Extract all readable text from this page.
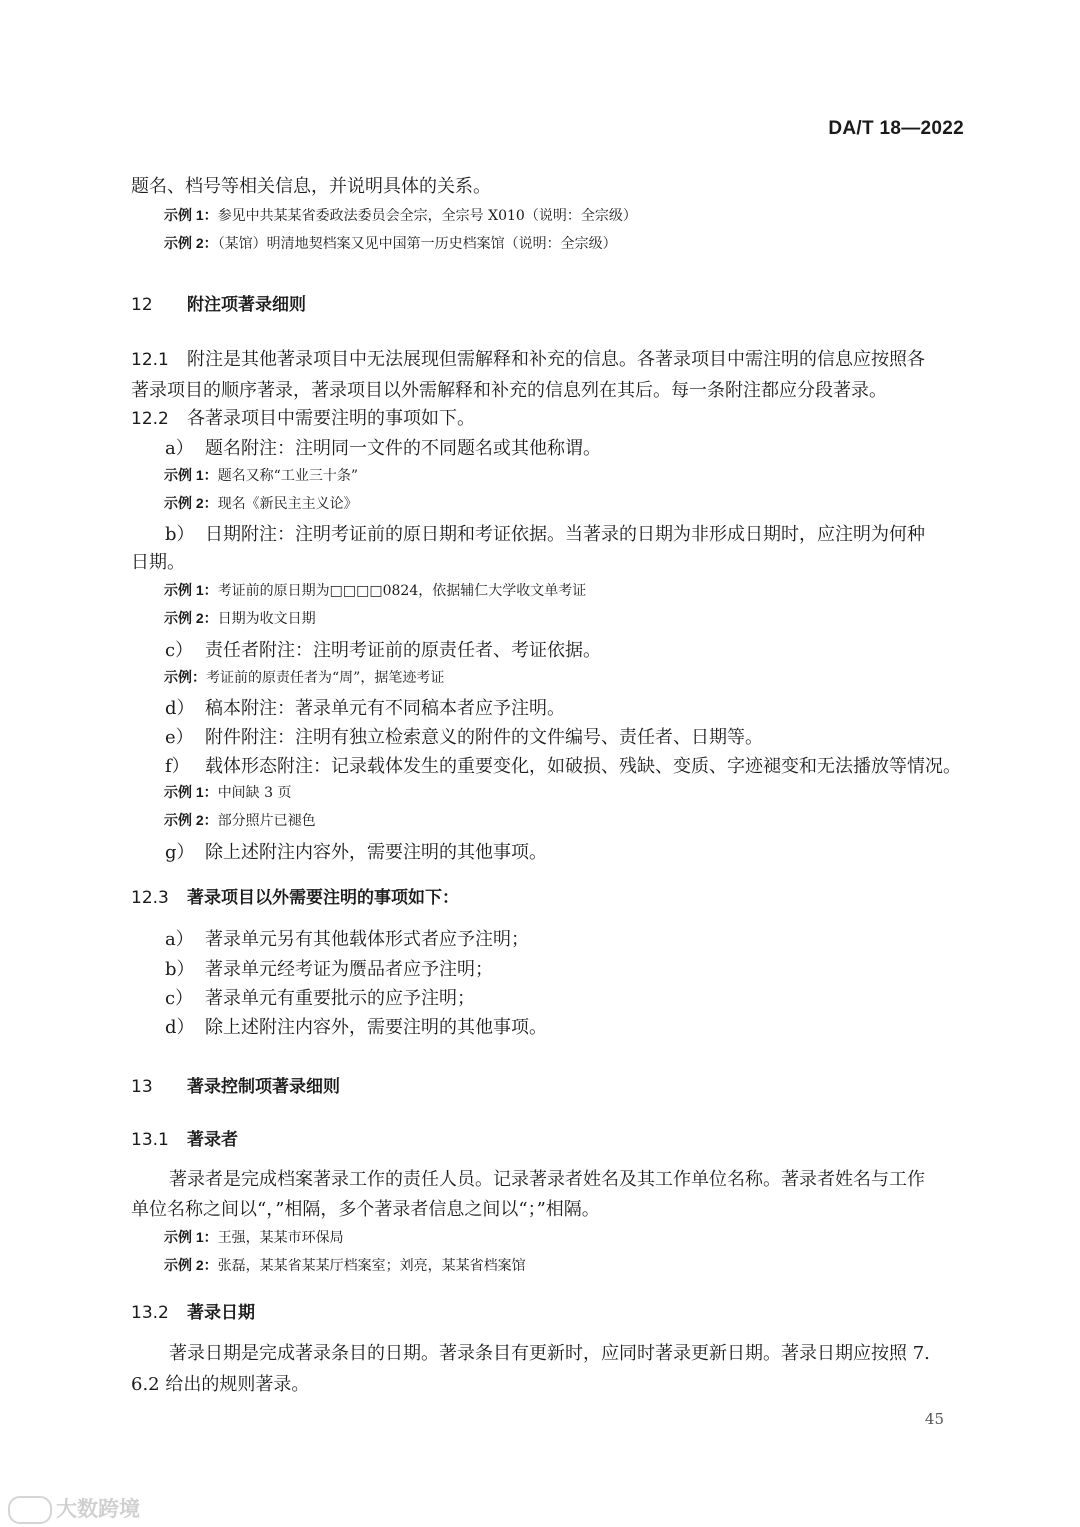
DA/T 18—2022
题名、档号等相关信息，并说明具体的关系。
示例 1：参见中共某某省委政法委员会全宗，全宗号 X010（说明：全宗级）
示例 2：（某馆）明清地契档案又见中国第一历史档案馆（说明：全宗级）
12 附注项著录细则
12.1 附注是其他著录项目中无法展现但需解释和补充的信息。各著录项目中需注明的信息应按照各
著录项目的顺序著录，著录项目以外需解释和补充的信息列在其后。每一条附注都应分段著录。
12.2 各著录项目中需要注明的事项如下。
a） 题名附注：注明同一文件的不同题名或其他称谓。
示例 1：题名又称“工业三十条”
示例 2：现名《新民主主义论》
b） 日期附注：注明考证前的原日期和考证依据。当著录的日期为非形成日期时，应注明为何种
日期。
示例 1：考证前的原日期为□□□□0824，依据辅仁大学收文单考证
示例 2：日期为收文日期
c） 责任者附注：注明考证前的原责任者、考证依据。
示例：考证前的原责任者为“周”，据笔迹考证
d） 稿本附注：著录单元有不同稿本者应予注明。
e） 附件附注：注明有独立检索意义的附件的文件编号、责任者、日期等。
f） 载体形态附注：记录载体发生的重要变化，如破损、残缺、变质、字迹褪变和无法播放等情况。
示例 1：中间缺 3 页
示例 2：部分照片已褪色
g） 除上述附注内容外，需要注明的其他事项。
12.3 著录项目以外需要注明的事项如下：
a） 著录单元另有其他载体形式者应予注明；
b） 著录单元经考证为赝品者应予注明；
c） 著录单元有重要批示的应予注明；
d） 除上述附注内容外，需要注明的其他事项。
13 著录控制项著录细则
13.1 著录者
著录者是完成档案著录工作的责任人员。记录著录者姓名及其工作单位名称。著录者姓名与工作
单位名称之间以“，”相隔，多个著录者信息之间以“；”相隔。
示例 1：王强，某某市环保局
示例 2：张磊，某某省某某厅档案室；刘亮，某某省档案馆
13.2 著录日期
著录日期是完成著录条目的日期。著录条目有更新时，应同时著录更新日期。著录日期应按照 7.
6.2 给出的规则著录。
45
大数跨境
